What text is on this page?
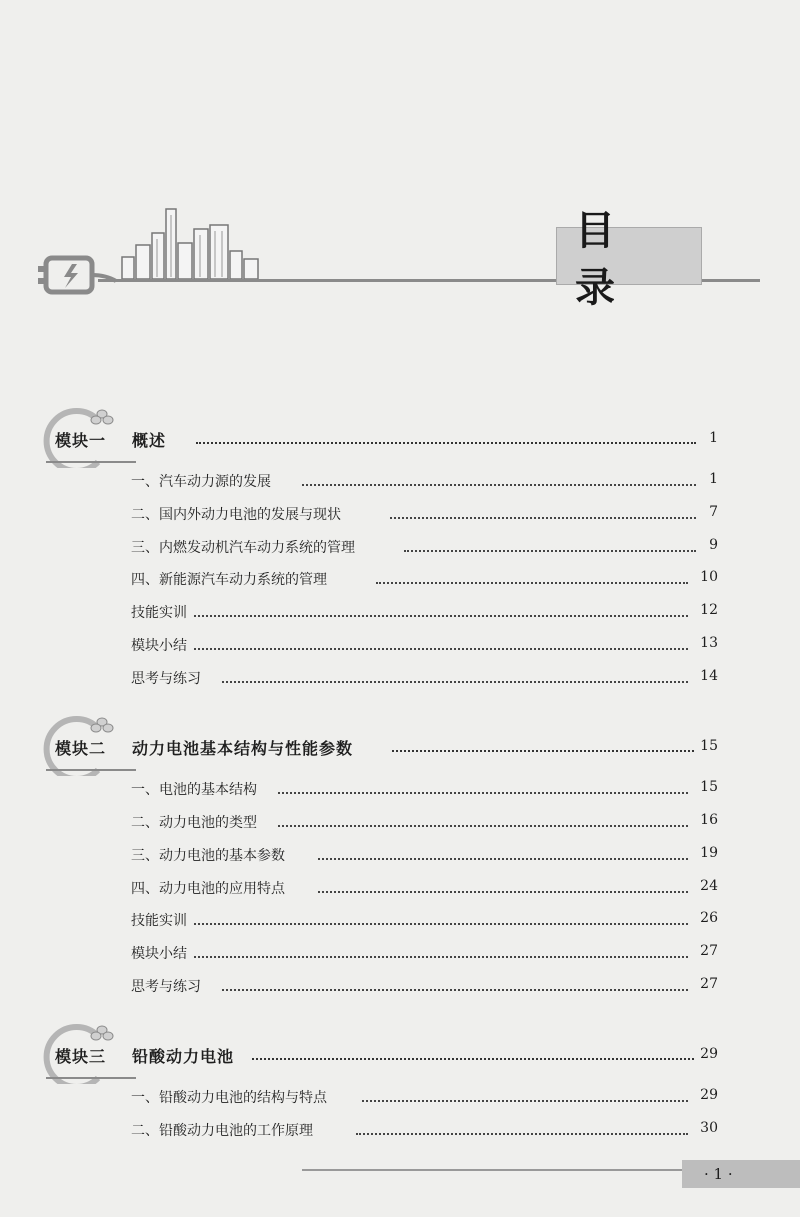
目 录
模块一 概述	1
一、汽车动力源的发展	1
二、国内外动力电池的发展与现状	7
三、内燃发动机汽车动力系统的管理	9
四、新能源汽车动力系统的管理	10
技能实训	12
模块小结	13
思考与练习	14
模块二 动力电池基本结构与性能参数	15
一、电池的基本结构	15
二、动力电池的类型	16
三、动力电池的基本参数	19
四、动力电池的应用特点	24
技能实训	26
模块小结	27
思考与练习	27
模块三 铅酸动力电池	29
一、铅酸动力电池的结构与特点	29
二、铅酸动力电池的工作原理	30
· 1 ·
